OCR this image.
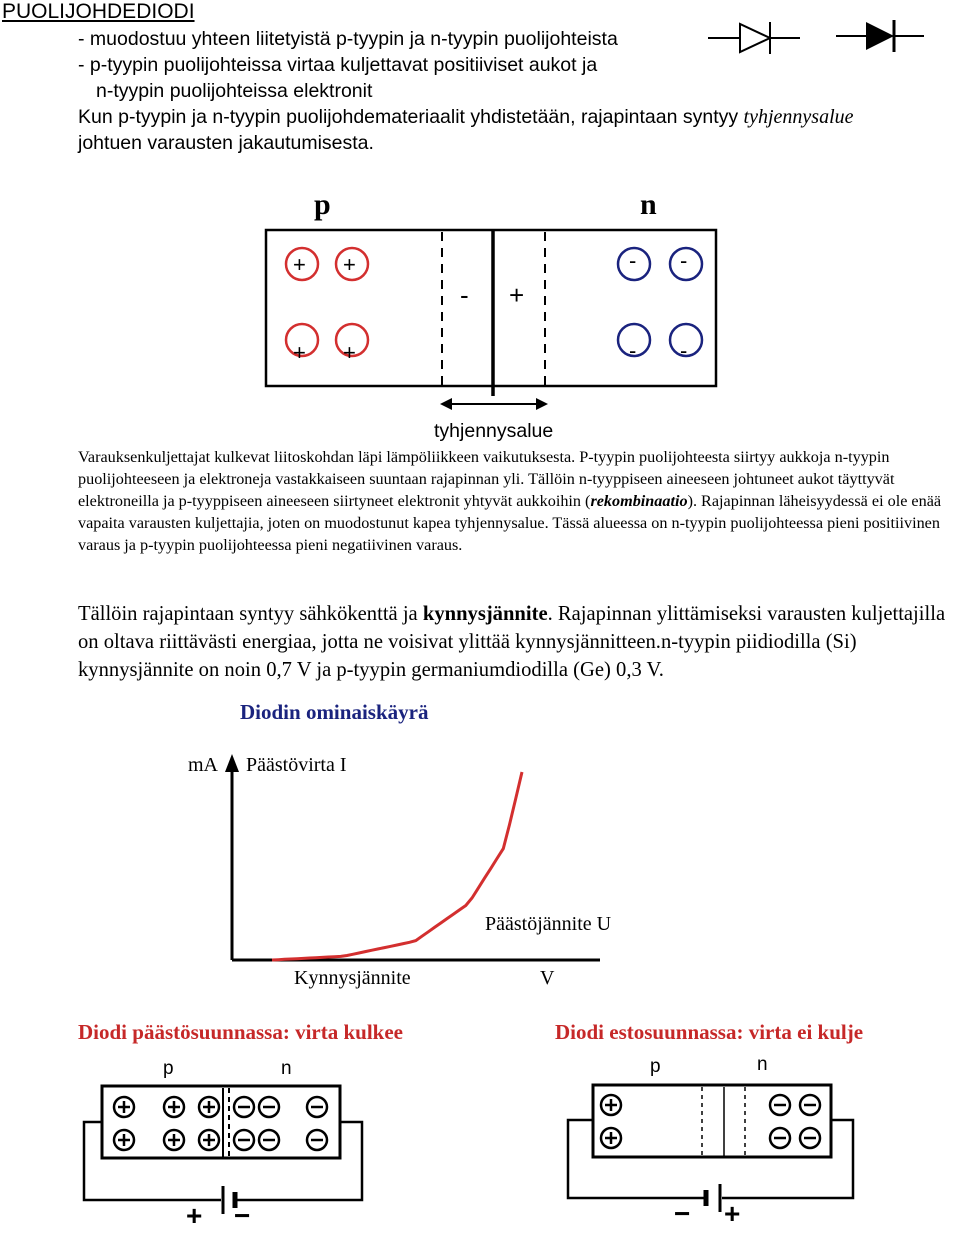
PUOLIJOHDEDIODI
- muodostuu yhteen liitetyistä p-tyypin ja n-tyypin puolijohteista
- p-tyypin puolijohteissa virtaa kuljettavat positiiviset aukot ja
n-tyypin puolijohteissa elektronit
Kun p-tyypin ja n-tyypin puolijohdemateriaalit yhdistetään, rajapintaan syntyy tyhjennysalue
johtuen varausten jakautumisesta.
p	n
+ +
+ +
- -
- -
- +
tyhjennysalue
Varauksenkuljettajat kulkevat liitoskohdan läpi lämpöliikkeen vaikutuksesta. P-tyypin puolijohteesta siirtyy aukkoja n-tyypin puolijohteeseen ja elektroneja vastakkaiseen suuntaan rajapinnan yli. Tällöin n-tyyppiseen aineeseen johtuneet aukot täyttyvät elektroneilla ja p-tyyppiseen aineeseen siirtyneet elektronit yhtyvät aukkoihin (rekombinaatio). Rajapinnan läheisyydessä ei ole enää vapaita varausten kuljettajia, joten on muodostunut kapea tyhjennysalue. Tässä alueessa on n-tyypin puolijohteessa pieni positiivinen varaus ja p-tyypin puolijohteessa pieni negatiivinen varaus.
Tällöin rajapintaan syntyy sähkökenttä ja kynnysjännite. Rajapinnan ylittämiseksi varausten kuljettajilla on oltava riittävästi energiaa, jotta ne voisivat ylittää kynnysjännitteen.n-tyypin piidiodilla (Si) kynnysjännite on noin 0,7 V ja p-tyypin germaniumdiodilla (Ge) 0,3 V.
Diodin ominaiskäyrä
mA Päästövirta I
Päästöjännite U
V
Kynnysjännite
Diodi päästösuunnassa: virta kulkee	Diodi estosuunnassa: virta ei kulje
p	n
+ −
p	n
− +
